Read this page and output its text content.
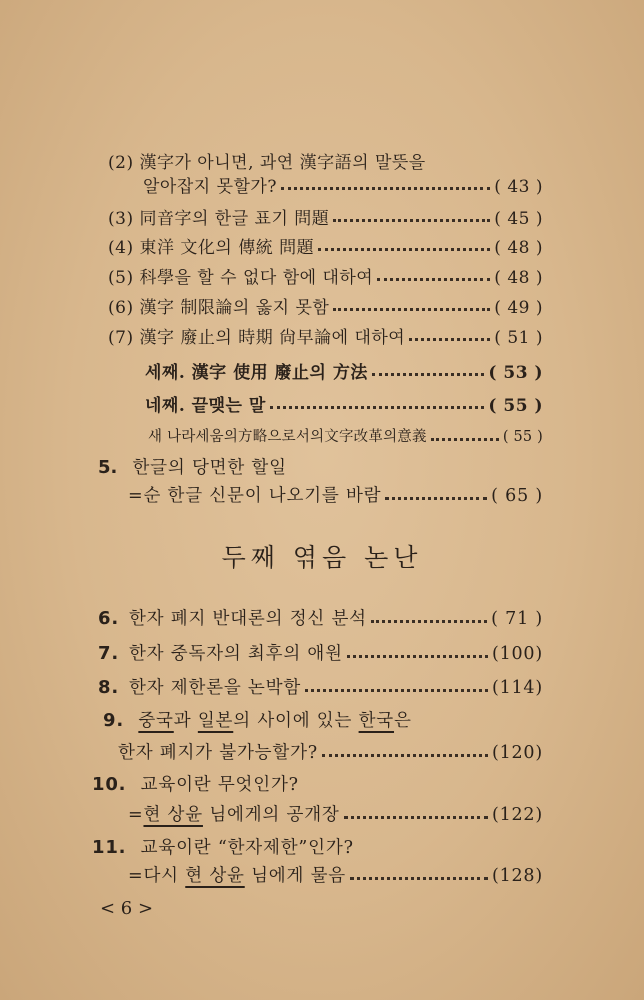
(2) 漢字가 아니면, 과연 漢字語의 말뜻을
알아잡지 못할가?	( 43 )
(3) 同音字의 한글 표기 問題	( 45 )
(4) 東洋 文化의 傳統 問題	( 48 )
(5) 科學을 할 수 없다 함에 대하여	( 48 )
(6) 漢字 制限論의 옳지 못함	( 49 )
(7) 漢字 廢止의 時期 尙早論에 대하여	( 51 )
세째. 漢字 使用 廢止의 方法	( 53 )
네째. 끝맺는 말	( 55 )
새 나라세움의方略으로서의文字改革의意義	( 55 )
5. 한글의 당면한 할일
=순 한글 신문이 나오기를 바람	( 65 )
두째 엮음 논난
6. 한자 폐지 반대론의 정신 분석	( 71 )
7. 한자 중독자의 최후의 애원	(100)
8. 한자 제한론을 논박함	(114)
9. 중국과 일본의 사이에 있는 한국은
한자 폐지가 불가능할가?	(120)
10. 교육이란 무엇인가?
=현 상윤 님에게의 공개장	(122)
11. 교육이란 “한자제한”인가?
=다시 현 상윤 님에게 물음	(128)
< 6 >
